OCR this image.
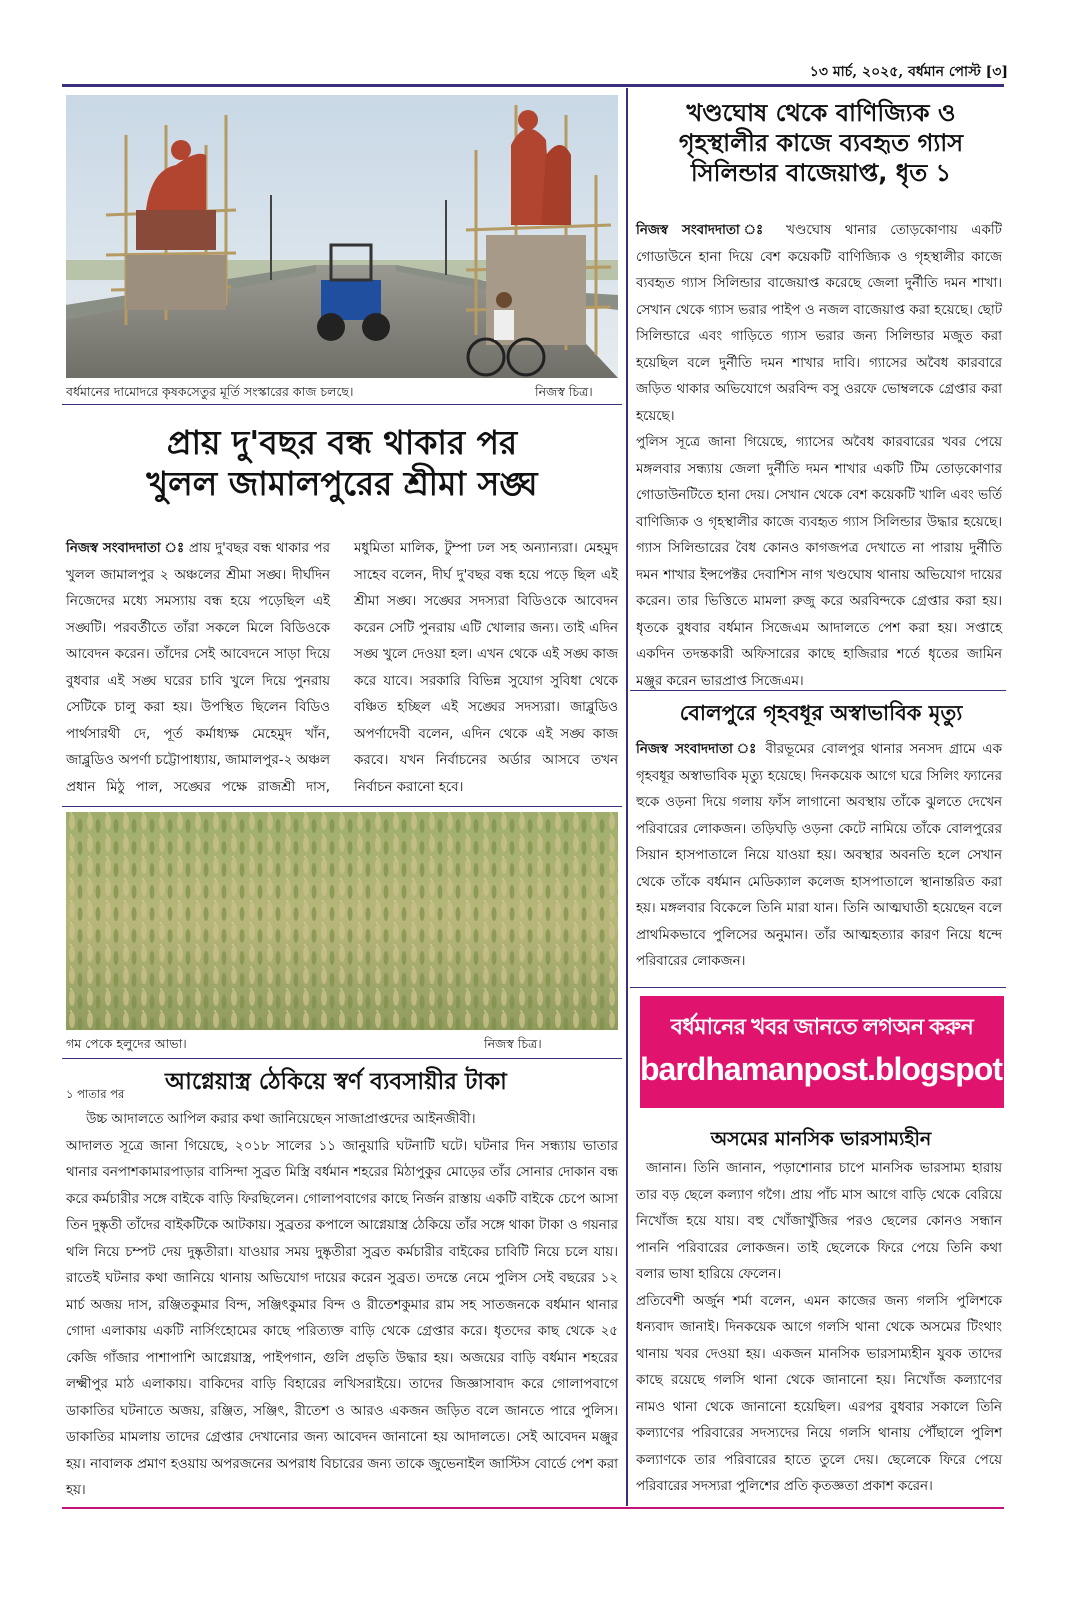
১৩ মার্চ, ২০২৫, বর্ধমান পোস্ট [৩]
বর্ধমানের দামোদরে কৃষকসেতুর মূর্তি সংস্কারের কাজ চলছে।	নিজস্ব চিত্র।
প্রায় দু'বছর বন্ধ থাকার পর
খুলল জামালপুরের শ্রীমা সঙ্ঘ

নিজস্ব সংবাদদাতা ঃ প্রায় দু'বছর বন্ধ থাকার পর খুলল জামালপুর ২ অঞ্চলের শ্রীমা সঙ্ঘ। দীর্ঘদিন নিজেদের মধ্যে সমস্যায় বন্ধ হয়ে পড়েছিল এই সঙ্ঘটি। পরবর্তীতে তাঁরা সকলে মিলে বিডিওকে আবেদন করেন। তাঁদের সেই আবেদনে সাড়া দিয়ে বুধবার এই সঙ্ঘ ঘরের চাবি খুলে দিয়ে পুনরায় সেটিকে চালু করা হয়। উপস্থিত ছিলেন বিডিও পার্থসারথী দে, পূর্ত কর্মাধ্যক্ষ মেহেমুদ খাঁন, জাব্লুডিও অপর্ণা চট্টোপাধ্যায়, জামালপুর-২ অঞ্চল প্রধান মিঠু পাল, সঙ্ঘের পক্ষে রাজশ্রী দাস, মধুমিতা মালিক, টুম্পা ঢল সহ অন্যান্যরা। মেহমুদ সাহেব বলেন, দীর্ঘ দু'বছর বন্ধ হয়ে পড়ে ছিল এই শ্রীমা সঙ্ঘ। সঙ্ঘের সদস্যরা বিডিওকে আবেদন করেন সেটি পুনরায় এটি খোলার জন্য। তাই এদিন সঙ্ঘ খুলে দেওয়া হল। এখন থেকে এই সঙ্ঘ কাজ করে যাবে। সরকারি বিভিন্ন সুযোগ সুবিধা থেকে বঞ্চিত হচ্ছিল এই সঙ্ঘের সদস্যরা। জাব্লুডিও অপর্ণাদেবী বলেন, এদিন থেকে এই সঙ্ঘ কাজ করবে। যখন নির্বাচনের অর্ডার আসবে তখন নির্বাচন করানো হবে।

গম পেকে হলুদের আভা।	নিজস্ব চিত্র।
১ পাতার পর আগ্নেয়াস্ত্র ঠেকিয়ে স্বর্ণ ব্যবসায়ীর টাকা

উচ্চ আদালতে আপিল করার কথা জানিয়েছেন সাজাপ্রাপ্তদের আইনজীবী।

আদালত সূত্রে জানা গিয়েছে, ২০১৮ সালের ১১ জানুয়ারি ঘটনাটি ঘটে। ঘটনার দিন সন্ধ্যায় ভাতার থানার বনপাশকামারপাড়ার বাসিন্দা সুব্রত মিস্ত্রি বর্ধমান শহরের মিঠাপুকুর মোড়ের তাঁর সোনার দোকান বন্ধ করে কর্মচারীর সঙ্গে বাইকে বাড়ি ফিরছিলেন। গোলাপবাগের কাছে নির্জন রাস্তায় একটি বাইকে চেপে আসা তিন দুষ্কৃতী তাঁদের বাইকটিকে আটকায়। সুব্রতর কপালে আগ্নেয়াস্ত্র ঠেকিয়ে তাঁর সঙ্গে থাকা টাকা ও গয়নার থলি নিয়ে চম্পট দেয় দুষ্কৃতীরা। যাওয়ার সময় দুষ্কৃতীরা সুব্রত কর্মচারীর বাইকের চাবিটি নিয়ে চলে যায়। রাতেই ঘটনার কথা জানিয়ে থানায় অভিযোগ দায়ের করেন সুব্রত। তদন্তে নেমে পুলিস সেই বছরের ১২ মার্চ অজয় দাস, রঞ্জিতকুমার বিন্দ, সঞ্জিৎকুমার বিন্দ ও রীতেশকুমার রাম সহ সাতজনকে বর্ধমান থানার গোদা এলাকায় একটি নার্সিংহোমের কাছে পরিত্যক্ত বাড়ি থেকে গ্রেপ্তার করে। ধৃতদের কাছ থেকে ২৫ কেজি গাঁজার পাশাপাশি আগ্নেয়াস্ত্র, পাইপগান, গুলি প্রভৃতি উদ্ধার হয়। অজয়ের বাড়ি বর্ধমান শহরের লক্ষ্মীপুর মাঠ এলাকায়। বাকিদের বাড়ি বিহারের লখিসরাইয়ে। তাদের জিজ্ঞাসাবাদ করে গোলাপবাগে ডাকাতির ঘটনাতে অজয়, রঞ্জিত, সঞ্জিৎ, রীতেশ ও আরও একজন জড়িত বলে জানতে পারে পুলিস। ডাকাতির মামলায় তাদের গ্রেপ্তার দেখানোর জন্য আবেদন জানানো হয় আদালতে। সেই আবেদন মঞ্জুর হয়। নাবালক প্রমাণ হওয়ায় অপরজনের অপরাধ বিচারের জন্য তাকে জুভেনাইল জাস্টিস বোর্ডে পেশ করা হয়।

খণ্ডঘোষ থেকে বাণিজ্যিক ও
গৃহস্থালীর কাজে ব্যবহৃত গ্যাস
সিলিন্ডার বাজেয়াপ্ত, ধৃত ১

নিজস্ব সংবাদদাতা ঃ খণ্ডঘোষ থানার তোড়কোণায় একটি গোডাউনে হানা দিয়ে বেশ কয়েকটি বাণিজ্যিক ও গৃহস্থালীর কাজে ব্যবহৃত গ্যাস সিলিন্ডার বাজেয়াপ্ত করেছে জেলা দুর্নীতি দমন শাখা। সেখান থেকে গ্যাস ভরার পাইপ ও নজল বাজেয়াপ্ত করা হয়েছে। ছোট সিলিন্ডারে এবং গাড়িতে গ্যাস ভরার জন্য সিলিন্ডার মজুত করা হয়েছিল বলে দুর্নীতি দমন শাখার দাবি। গ্যাসের অবৈধ কারবারে জড়িত থাকার অভিযোগে অরবিন্দ বসু ওরফে ভোম্বলকে গ্রেপ্তার করা হয়েছে।

পুলিস সূত্রে জানা গিয়েছে, গ্যাসের অবৈধ কারবারের খবর পেয়ে মঙ্গলবার সন্ধ্যায় জেলা দুর্নীতি দমন শাখার একটি টিম তোড়কোণার গোডাউনটিতে হানা দেয়। সেখান থেকে বেশ কয়েকটি খালি এবং ভর্তি বাণিজ্যিক ও গৃহস্থালীর কাজে ব্যবহৃত গ্যাস সিলিন্ডার উদ্ধার হয়েছে। গ্যাস সিলিন্ডারের বৈধ কোনও কাগজপত্র দেখাতে না পারায় দুর্নীতি দমন শাখার ইন্সপেক্টর দেবাশিস নাগ খণ্ডঘোষ থানায় অভিযোগ দায়ের করেন। তার ভিত্তিতে মামলা রুজু করে অরবিন্দকে গ্রেপ্তার করা হয়। ধৃতকে বুধবার বর্ধমান সিজেএম আদালতে পেশ করা হয়। সপ্তাহে একদিন তদন্তকারী অফিসারের কাছে হাজিরার শর্তে ধৃতের জামিন মঞ্জুর করেন ভারপ্রাপ্ত সিজেএম।

বোলপুরে গৃহবধূর অস্বাভাবিক মৃত্যু

নিজস্ব সংবাদদাতা ঃ বীরভূমের বোলপুর থানার সনসদ গ্রামে এক গৃহবধূর অস্বাভাবিক মৃত্যু হয়েছে। দিনকয়েক আগে ঘরে সিলিং ফ্যানের হুকে ওড়না দিয়ে গলায় ফাঁস লাগানো অবস্থায় তাঁকে ঝুলতে দেখেন পরিবারের লোকজন। তড়িঘড়ি ওড়না কেটে নামিয়ে তাঁকে বোলপুরের সিয়ান হাসপাতালে নিয়ে যাওয়া হয়। অবস্থার অবনতি হলে সেখান থেকে তাঁকে বর্ধমান মেডিক্যাল কলেজ হাসপাতালে স্থানান্তরিত করা হয়। মঙ্গলবার বিকেলে তিনি মারা যান। তিনি আত্মঘাতী হয়েছেন বলে প্রাথমিকভাবে পুলিসের অনুমান। তাঁর আত্মহত্যার কারণ নিয়ে ধন্দে পরিবারের লোকজন।

বর্ধমানের খবর জানতে লগঅন করুন
bardhamanpost.blogspot.com
অসমের মানসিক ভারসাম্যহীন

জানান। তিনি জানান, পড়াশোনার চাপে মানসিক ভারসাম্য হারায় তার বড় ছেলে কল্যাণ গগৈ। প্রায় পাঁচ মাস আগে বাড়ি থেকে বেরিয়ে নিখোঁজ হয়ে যায়। বহু খোঁজাখুঁজির পরও ছেলের কোনও সন্ধান পাননি পরিবারের লোকজন। তাই ছেলেকে ফিরে পেয়ে তিনি কথা বলার ভাষা হারিয়ে ফেলেন।

প্রতিবেশী অর্জুন শর্মা বলেন, এমন কাজের জন্য গলসি পুলিশকে ধন্যবাদ জানাই। দিনকয়েক আগে গলসি থানা থেকে অসমের টিংথাং থানায় খবর দেওয়া হয়। একজন মানসিক ভারসাম্যহীন যুবক তাদের কাছে রয়েছে গলসি থানা থেকে জানানো হয়। নিখোঁজ কল্যাণের নামও থানা থেকে জানানো হয়েছিল। এরপর বুধবার সকালে তিনি কল্যাণের পরিবারের সদস্যদের নিয়ে গলসি থানায় পৌঁছালে পুলিশ কল্যাণকে তার পরিবারের হাতে তুলে দেয়। ছেলেকে ফিরে পেয়ে পরিবারের সদস্যরা পুলিশের প্রতি কৃতজ্ঞতা প্রকাশ করেন।
